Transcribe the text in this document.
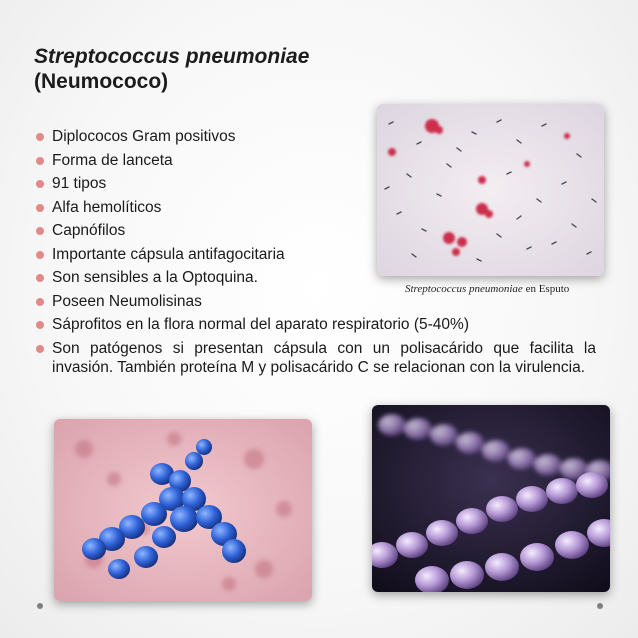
Streptococcus pneumoniae
(Neumococo)
Diplococos Gram positivos
Forma de lanceta
91 tipos
Alfa hemolíticos
Capnófilos
Importante cápsula antifagocitaria
Son sensibles a la Optoquina.
Poseen Neumolisinas
Sáprofitos en la flora normal del aparato respiratorio (5-40%)
Son patógenos si presentan cápsula con un polisacárido que facilita la invasión. También proteína M y polisacárido C se relacionan con la virulencia.
Streptococcus pneumoniae en Esputo
